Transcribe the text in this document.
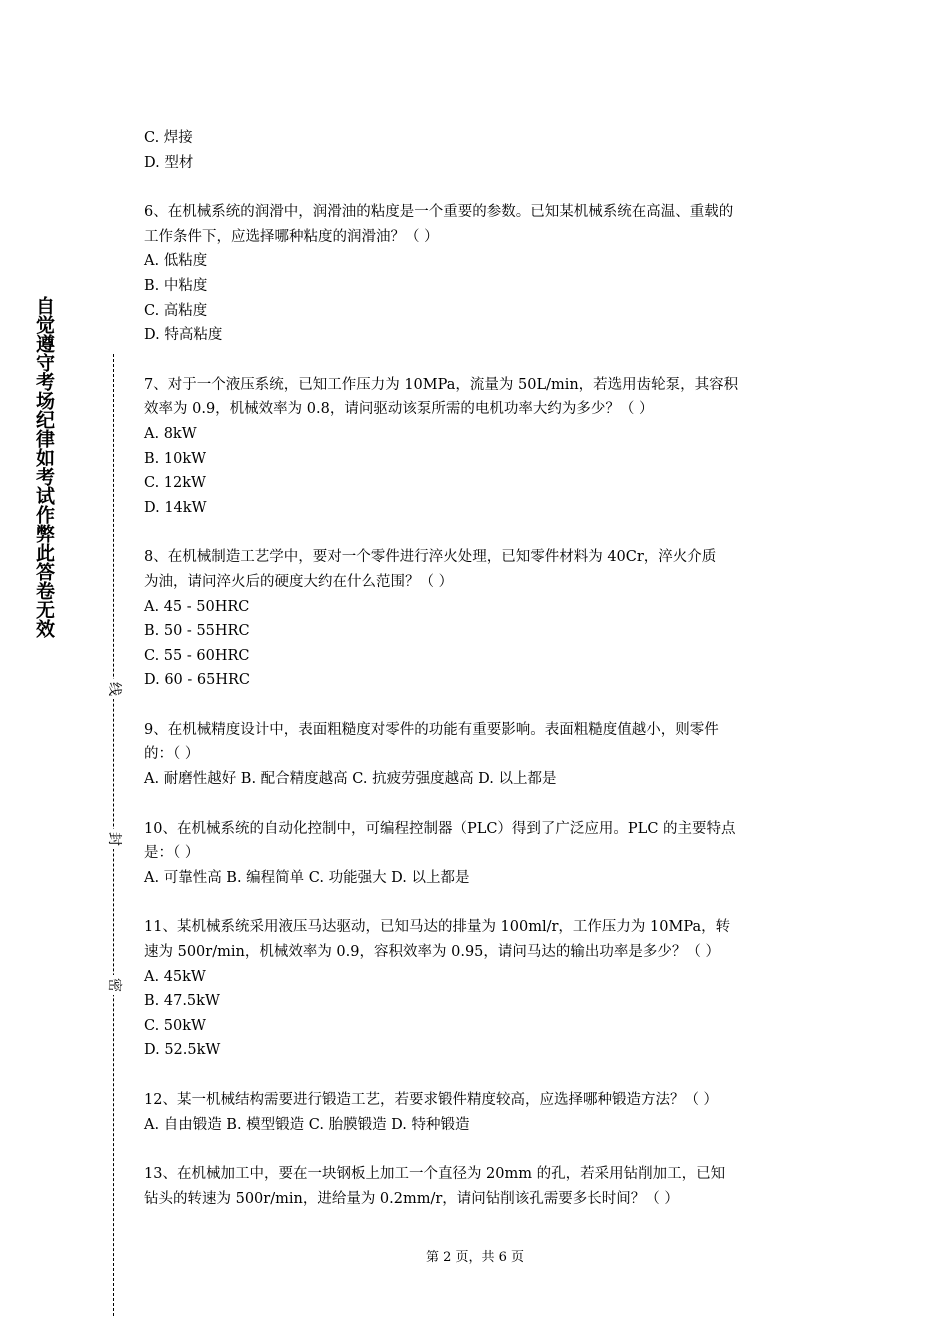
自觉遵守考场纪律如考试作弊此答卷无效
线
封
密
C. 焊接
D. 型材
6、在机械系统的润滑中，润滑油的粘度是一个重要的参数。已知某机械系统在高温、重载的
工作条件下，应选择哪种粘度的润滑油？（ ）
A. 低粘度
B. 中粘度
C. 高粘度
D. 特高粘度
7、对于一个液压系统，已知工作压力为 10MPa，流量为 50L/min，若选用齿轮泵，其容积
效率为 0.9，机械效率为 0.8，请问驱动该泵所需的电机功率大约为多少？（ ）
A. 8kW
B. 10kW
C. 12kW
D. 14kW
8、在机械制造工艺学中，要对一个零件进行淬火处理，已知零件材料为 40Cr，淬火介质
为油，请问淬火后的硬度大约在什么范围？（ ）
A. 45 - 50HRC
B. 50 - 55HRC
C. 55 - 60HRC
D. 60 - 65HRC
9、在机械精度设计中，表面粗糙度对零件的功能有重要影响。表面粗糙度值越小，则零件
的：（ ）
A. 耐磨性越好 B. 配合精度越高 C. 抗疲劳强度越高 D. 以上都是
10、在机械系统的自动化控制中，可编程控制器（PLC）得到了广泛应用。PLC 的主要特点
是：（ ）
A. 可靠性高 B. 编程简单 C. 功能强大 D. 以上都是
11、某机械系统采用液压马达驱动，已知马达的排量为 100ml/r，工作压力为 10MPa，转
速为 500r/min，机械效率为 0.9，容积效率为 0.95，请问马达的输出功率是多少？（ ）
A. 45kW
B. 47.5kW
C. 50kW
D. 52.5kW
12、某一机械结构需要进行锻造工艺，若要求锻件精度较高，应选择哪种锻造方法？（ ）
A. 自由锻造 B. 模型锻造 C. 胎膜锻造 D. 特种锻造
13、在机械加工中，要在一块钢板上加工一个直径为 20mm 的孔，若采用钻削加工，已知
钻头的转速为 500r/min，进给量为 0.2mm/r，请问钻削该孔需要多长时间？（ ）
第 2 页，共 6 页
